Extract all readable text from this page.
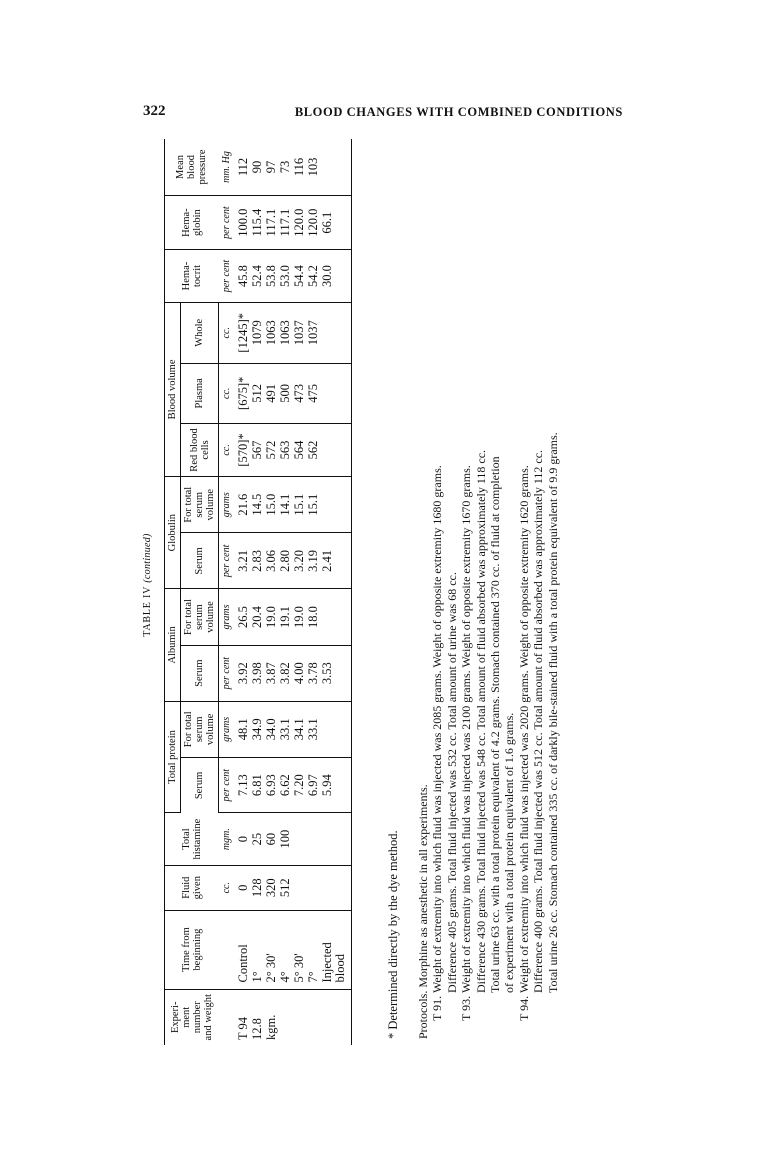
322	BLOOD CHANGES WITH COMBINED CONDITIONS
TABLE IV (continued)
Experi- ment number and weight	Time from beginning	Fluid given	Total histamine	Total protein		Albumin		Globulin		Blood volume			Hema- tocrit	Hema- globin	Mean blood pressure
				Serum	For total serum volume	Serum	For total serum volume	Serum	For total serum volume	Red blood cells	Plasma	Whole			
		cc.	mgm.	per cent	grams	per cent	grams	per cent	grams	cc.	cc.	cc.	per cent	per cent	mm. Hg
T 94	Control	0	0	7.13	48.1	3.92	26.5	3.21	21.6	[570]*	[675]*	[1245]*	45.8	100.0	112
12.8	1°	128	25	6.81	34.9	3.98	20.4	2.83	14.5	567	512	1079	52.4	115.4	90
kgm.	2° 30'	320	60	6.93	34.0	3.87	19.0	3.06	15.0	572	491	1063	53.8	117.1	97
	4°	512	100	6.62	33.1	3.82	19.1	2.80	14.1	563	500	1063	53.0	117.1	73
	5° 30'			7.20	34.1	4.00	19.0	3.20	15.1	564	473	1037	54.4	120.0	116
	7°			6.97	33.1	3.78	18.0	3.19	15.1	562	475	1037	54.2	120.0	103
	Injected blood			5.94		3.53		2.41					30.0	66.1	
* Determined directly by the dye method. Protocols. Morphine as anesthetic in all experiments.
T 91.
Weight of extremity into which fluid was injected was 2085 grams. Weight of opposite extremity 1680 grams. Difference 405 grams. Total fluid injected was 532 cc. Total amount of urine was 68 cc.
T 93.
Weight of extremity into which fluid was injected was 2100 grams. Weight of opposite extremity 1670 grams. Difference 430 grams. Total fluid injected was 548 cc. Total amount of fluid absorbed was approximately 118 cc. Total urine 63 cc. with a total protein equivalent of 4.2 grams. Stomach contained 370 cc. of fluid at completion of experiment with a total protein equivalent of 1.6 grams.
T 94.
Weight of extremity into which fluid was injected was 2020 grams. Weight of opposite extremity 1620 grams. Difference 400 grams. Total fluid injected was 512 cc. Total amount of fluid absorbed was approximately 112 cc. Total urine 26 cc. Stomach contained 335 cc. of darkly bile-stained fluid with a total protein equivalent of 9.9 grams.
